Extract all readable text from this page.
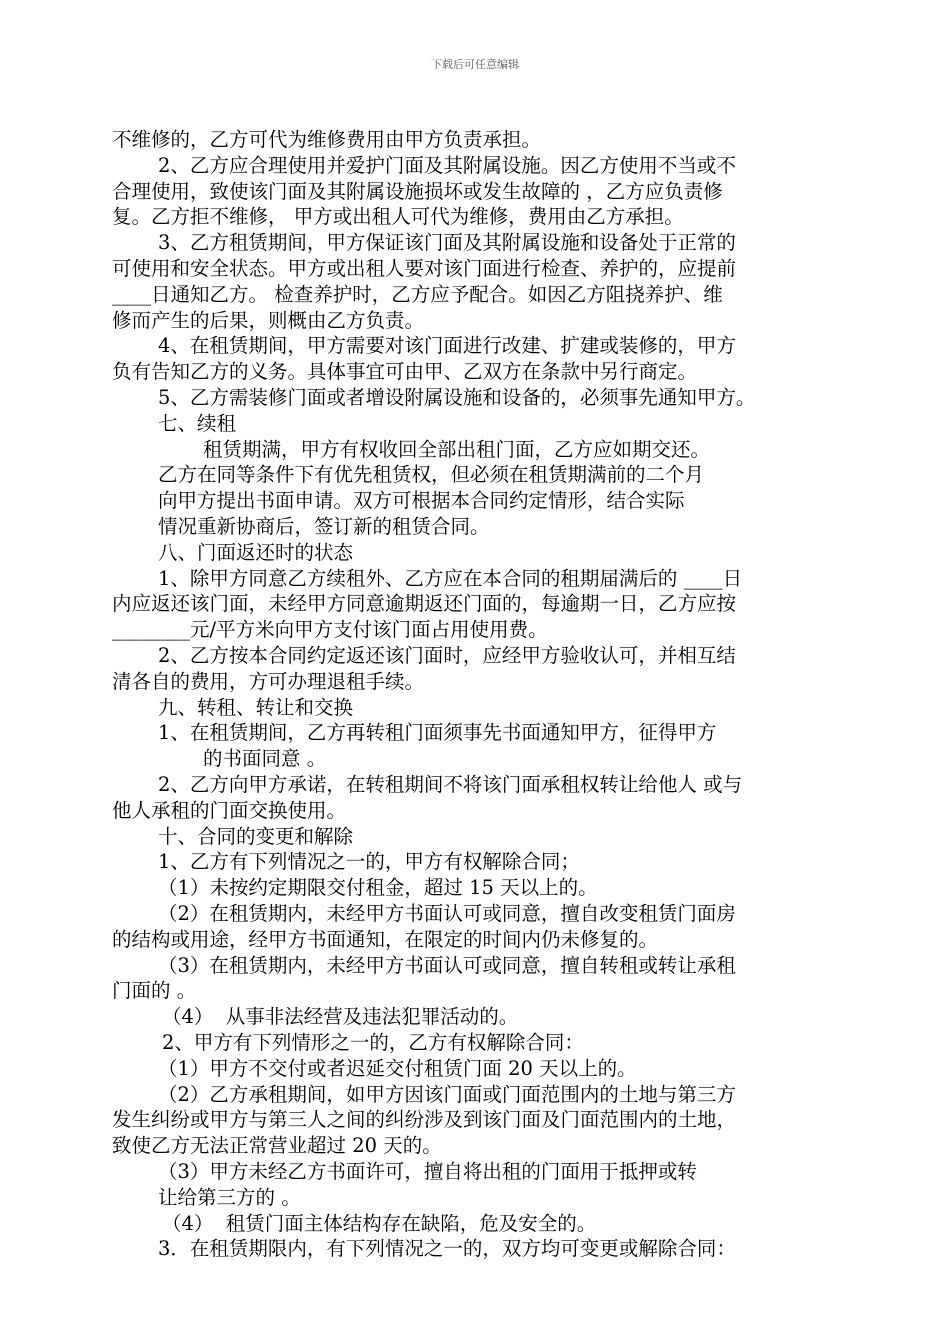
下载后可任意编辑
不维修的，乙方可代为维修费用由甲方负责承担。
2、乙方应合理使用并爱护门面及其附属设施。因乙方使用不当或不
合理使用，致使该门面及其附属设施损坏或发生故障的 ，乙方应负责修
复。乙方拒不维修， 甲方或出租人可代为维修，费用由乙方承担。
3、乙方租赁期间，甲方保证该门面及其附属设施和设备处于正常的
可使用和安全状态。甲方或出租人要对该门面进行检查、养护的，应提前
____日通知乙方。 检查养护时，乙方应予配合。如因乙方阻挠养护、维
修而产生的后果，则概由乙方负责。
4、在租赁期间，甲方需要对该门面进行改建、扩建或装修的，甲方
负有告知乙方的义务。具体事宜可由甲、乙双方在条款中另行商定。
5、乙方需装修门面或者增设附属设施和设备的，必须事先通知甲方。
七、续租
租赁期满，甲方有权收回全部出租门面，乙方应如期交还。
乙方在同等条件下有优先租赁权，但必须在租赁期满前的二个月
向甲方提出书面申请。双方可根据本合同约定情形，结合实际
情况重新协商后，签订新的租赁合同。
八、门面返还时的状态
1、除甲方同意乙方续租外、乙方应在本合同的租期届满后的 ____日
内应返还该门面，未经甲方同意逾期返还门面的，每逾期一日，乙方应按
________元/平方米向甲方支付该门面占用使用费。
2、乙方按本合同约定返还该门面时，应经甲方验收认可，并相互结
清各自的费用，方可办理退租手续。
九、转租、转让和交换
1、在租赁期间，乙方再转租门面须事先书面通知甲方，征得甲方
的书面同意 。
2、乙方向甲方承诺，在转租期间不将该门面承租权转让给他人 或与
他人承租的门面交换使用。
十、合同的变更和解除
1、乙方有下列情况之一的，甲方有权解除合同；
（1）未按约定期限交付租金，超过 15 天以上的。
（2）在租赁期内，未经甲方书面认可或同意，擅自改变租赁门面房
的结构或用途，经甲方书面通知，在限定的时间内仍未修复的。
（3）在租赁期内，未经甲方书面认可或同意，擅自转租或转让承租
门面的 。
（4）  从事非法经营及违法犯罪活动的。
2、甲方有下列情形之一的，乙方有权解除合同：
（1）甲方不交付或者迟延交付租赁门面 20 天以上的。
（2）乙方承租期间，如甲方因该门面或门面范围内的土地与第三方
发生纠纷或甲方与第三人之间的纠纷涉及到该门面及门面范围内的土地，
致使乙方无法正常营业超过 20 天的。
（3）甲方未经乙方书面许可，擅自将出租的门面用于抵押或转
让给第三方的 。
（4）  租赁门面主体结构存在缺陷，危及安全的。
3．在租赁期限内，有下列情况之一的，双方均可变更或解除合同：
